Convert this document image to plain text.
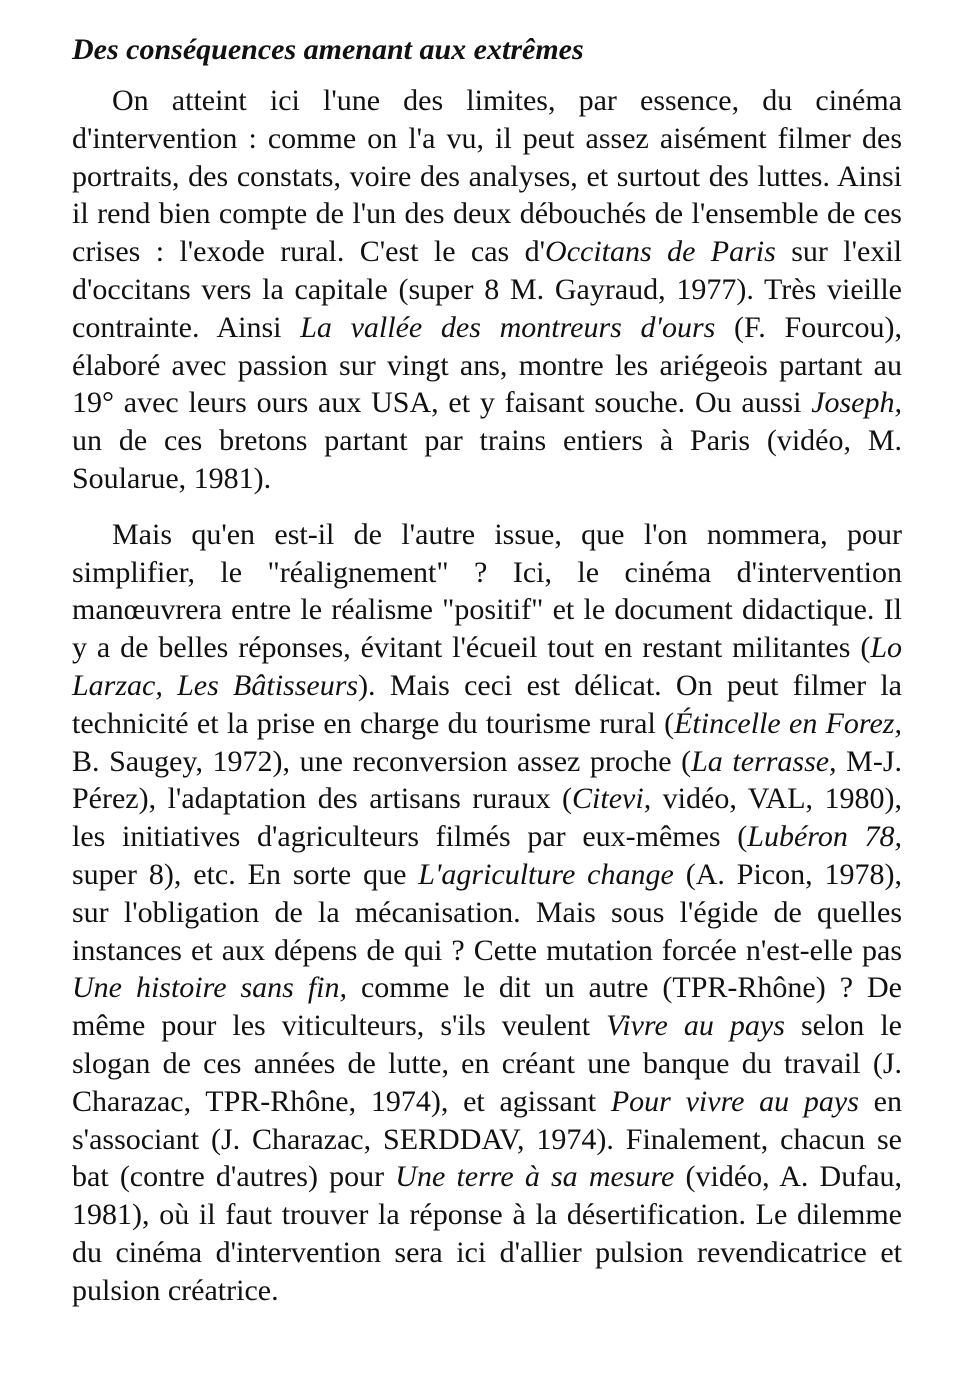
Des conséquences amenant aux extrêmes

On atteint ici l'une des limites, par essence, du cinéma d'intervention : comme on l'a vu, il peut assez aisément filmer des portraits, des constats, voire des analyses, et surtout des luttes. Ainsi il rend bien compte de l'un des deux débouchés de l'ensemble de ces crises : l'exode rural. C'est le cas d'Occitans de Paris sur l'exil d'occitans vers la capitale (super 8 M. Gayraud, 1977). Très vieille contrainte. Ainsi La vallée des montreurs d'ours (F. Fourcou), élaboré avec passion sur vingt ans, montre les ariégeois partant au 19° avec leurs ours aux USA, et y faisant souche. Ou aussi Joseph, un de ces bretons partant par trains entiers à Paris (vidéo, M. Soularue, 1981).

Mais qu'en est-il de l'autre issue, que l'on nommera, pour simplifier, le "réalignement" ? Ici, le cinéma d'intervention manœuvrera entre le réalisme "positif" et le document didactique. Il y a de belles réponses, évitant l'écueil tout en restant militantes (Lo Larzac, Les Bâtisseurs). Mais ceci est délicat. On peut filmer la technicité et la prise en charge du tourisme rural (Étincelle en Forez, B. Saugey, 1972), une reconversion assez proche (La terrasse, M-J. Pérez), l'adaptation des artisans ruraux (Citevi, vidéo, VAL, 1980), les initiatives d'agriculteurs filmés par eux-mêmes (Lubéron 78, super 8), etc. En sorte que L'agriculture change (A. Picon, 1978), sur l'obligation de la mécanisation. Mais sous l'égide de quelles instances et aux dépens de qui ? Cette mutation forcée n'est-elle pas Une histoire sans fin, comme le dit un autre (TPR-Rhône) ? De même pour les viticulteurs, s'ils veulent Vivre au pays selon le slogan de ces années de lutte, en créant une banque du travail (J. Charazac, TPR-Rhône, 1974), et agissant Pour vivre au pays en s'associant (J. Charazac, SERDDAV, 1974). Finalement, chacun se bat (contre d'autres) pour Une terre à sa mesure (vidéo, A. Dufau, 1981), où il faut trouver la réponse à la désertification. Le dilemme du cinéma d'intervention sera ici d'allier pulsion revendicatrice et pulsion créatrice.
